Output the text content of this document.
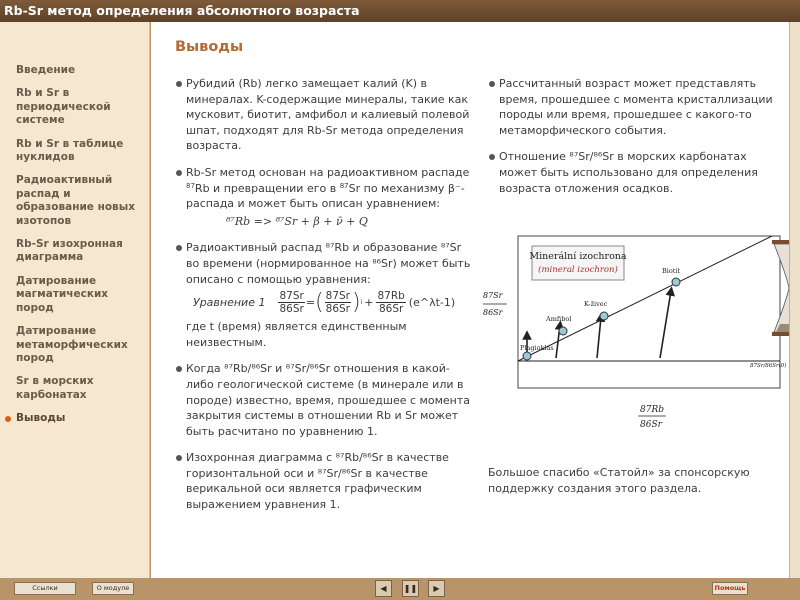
Rb-Sr метод определения абсолютного возраста
Введение
Rb и Sr в периодической системе
Rb и Sr в таблице нуклидов
Радиоактивный распад и образование новых изотопов
Rb-Sr изохронная диаграмма
Датирование магматических пород
Датирование метаморфических пород
Sr в морских карбонатах
Выводы
Выводы
Рубидий (Rb) легко замещает калий (K) в минералах. K-содержащие минералы, такие как мусковит, биотит, амфибол и калиевый полевой шпат, подходят для Rb-Sr метода определения возраста.
Rb-Sr метод основан на радиоактивном распаде $^{87}$Rb и превращении его в $^{87}$Sr по механизму β⁻- распада и может быть описан уравнением:
⁸⁷Rb => ⁸⁷Sr + β + ν̄ + Q
Радиоактивный распад ⁸⁷Rb и образование ⁸⁷Sr во времени (нормированное на ⁸⁶Sr) может быть описано с помощью уравнения:
Уравнение $1 \frac{87Sr}{86Sr}$ = ( $\frac{87Sr}{86Sr}$ ) $i + \frac{87Rb}{86Sr}$ (e^λt-1)
где t (время) является единственным неизвестным.
Когда ⁸⁷Rb/⁸⁶Sr и ⁸⁷Sr/⁸⁶Sr отношения в какой-либо геологической системе (в минерале или в породе) известно, время, прошедшее с момента закрытия системы в отношении Rb и Sr может быть расчитано по уравнению 1.
Изохронная диаграмма с ⁸⁷Rb/⁸⁶Sr в качестве горизонтальной оси и ⁸⁷Sr/⁸⁶Sr в качестве верикальной оси является графическим выражением уравнения 1.
Рассчитанный возраст может представлять время, прошедшее с момента кристаллизации породы или время, прошедшее с какого-то метаморфического события.
Отношение ⁸⁷Sr/⁸⁶Sr в морских карбонатах может быть использовано для определения возраста отложения осадков.
Minerální izochrona
(mineral izochron)
Plagioklas
Amfibol
K-živec
Biotit
87Sr
86Sr
87Sr/86Sr(0)
87Rb
86Sr
Большое спасибо «Статойл» за спонсорскую поддержку создания этого раздела.
Ссылки	О модуле	◀	❚❚	▶	Помощь
